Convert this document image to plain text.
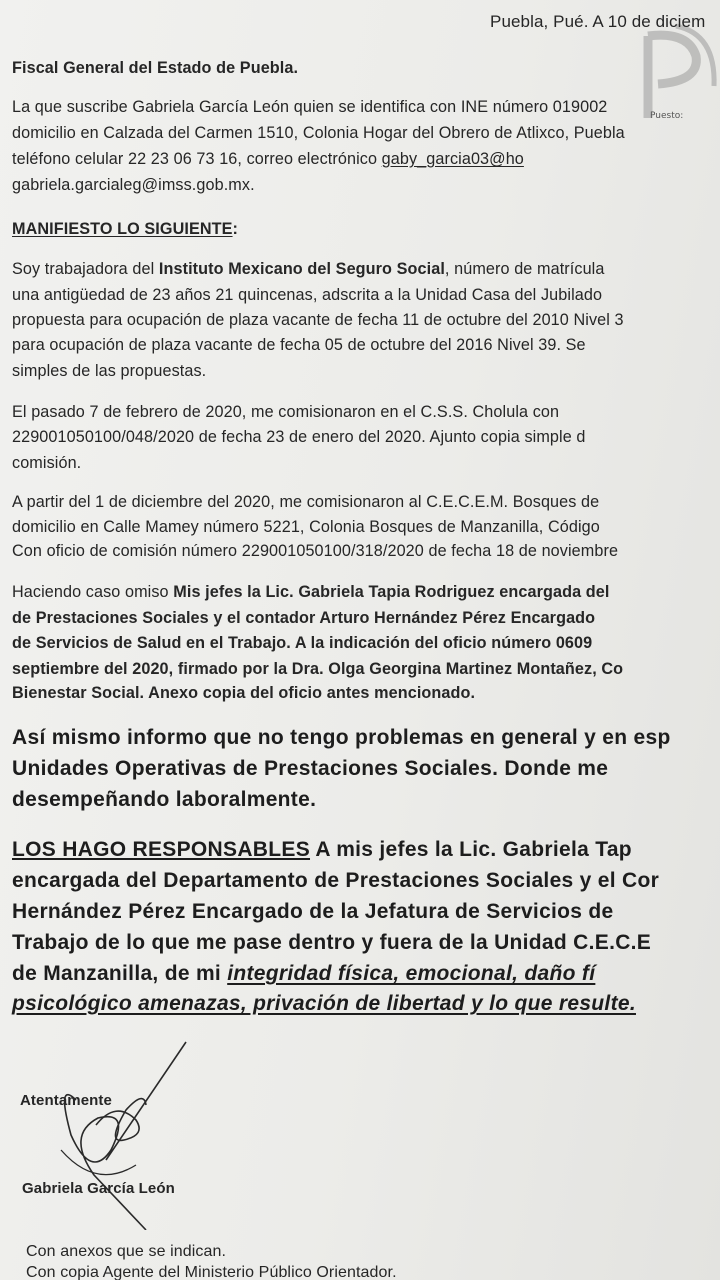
Puesto:
Puebla, Pué. A 10 de diciem
Fiscal General del Estado de Puebla.
La que suscribe Gabriela García León quien se identifica con INE número 019002
domicilio en Calzada del Carmen 1510, Colonia Hogar del Obrero de Atlixco, Puebla
teléfono celular 22 23 06 73 16, correo electrónico gaby_garcia03@ho
gabriela.garcialeg@imss.gob.mx.
MANIFIESTO LO SIGUIENTE:
Soy trabajadora del Instituto Mexicano del Seguro Social, número de matrícula
una antigüedad de 23 años 21 quincenas, adscrita a la Unidad Casa del Jubilado
propuesta para ocupación de plaza vacante de fecha 11 de octubre del 2010 Nivel 3
para ocupación de plaza vacante de fecha 05 de octubre del 2016 Nivel 39. Se
simples de las propuestas.
El pasado 7 de febrero de 2020, me comisionaron en el C.S.S. Cholula con
229001050100/048/2020 de fecha 23 de enero del 2020. Ajunto copia simple d
comisión.
A partir del 1 de diciembre del 2020, me comisionaron al C.E.C.E.M. Bosques de
domicilio en Calle Mamey número 5221, Colonia Bosques de Manzanilla, Código
Con oficio de comisión número 229001050100/318/2020 de fecha 18 de noviembre
Haciendo caso omiso Mis jefes la Lic. Gabriela Tapia Rodriguez encargada del
de Prestaciones Sociales y el contador Arturo Hernández Pérez Encargado
de Servicios de Salud en el Trabajo. A la indicación del oficio número 0609
septiembre del 2020, firmado por la Dra. Olga Georgina Martinez Montañez, Co
Bienestar Social. Anexo copia del oficio antes mencionado.
Así mismo informo que no tengo problemas en general y en esp
Unidades Operativas de Prestaciones Sociales. Donde me
desempeñando laboralmente.
LOS HAGO RESPONSABLES A mis jefes la Lic. Gabriela Tap
encargada del Departamento de Prestaciones Sociales y el Cor
Hernández Pérez Encargado de la Jefatura de Servicios de
Trabajo de lo que me pase dentro y fuera de la Unidad C.E.C.E
de Manzanilla, de mi integridad física, emocional, daño fí
psicológico amenazas, privación de libertad y lo que resulte.
Atentamente
Gabriela García León
Con anexos que se indican.
Con copia Agente del Ministerio Público Orientador.
